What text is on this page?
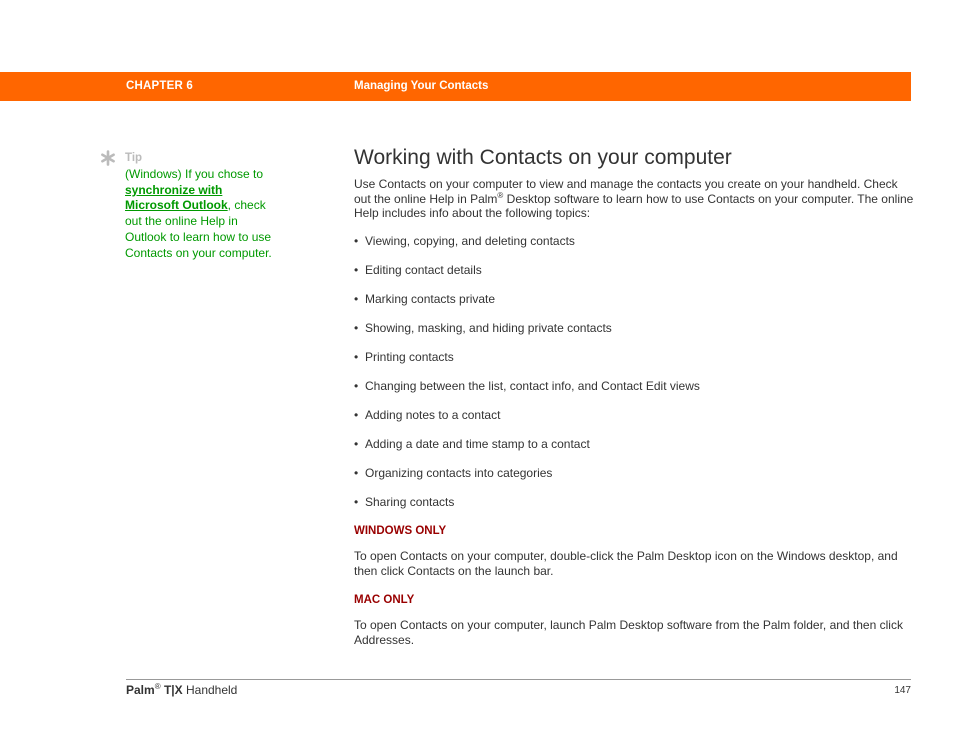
CHAPTER 6	Managing Your Contacts
Tip
(Windows) If you chose to synchronize with Microsoft Outlook, check out the online Help in Outlook to learn how to use Contacts on your computer.
Working with Contacts on your computer

Use Contacts on your computer to view and manage the contacts you create on your handheld. Check out the online Help in Palm® Desktop software to learn how to use Contacts on your computer. The online Help includes info about the following topics:

• Viewing, copying, and deleting contacts
• Editing contact details
• Marking contacts private
• Showing, masking, and hiding private contacts
• Printing contacts
• Changing between the list, contact info, and Contact Edit views
• Adding notes to a contact
• Adding a date and time stamp to a contact
• Organizing contacts into categories
• Sharing contacts
WINDOWS ONLY

To open Contacts on your computer, double-click the Palm Desktop icon on the Windows desktop, and then click Contacts on the launch bar.

MAC ONLY

To open Contacts on your computer, launch Palm Desktop software from the Palm folder, and then click Addresses.

Palm® T|X Handheld	147
